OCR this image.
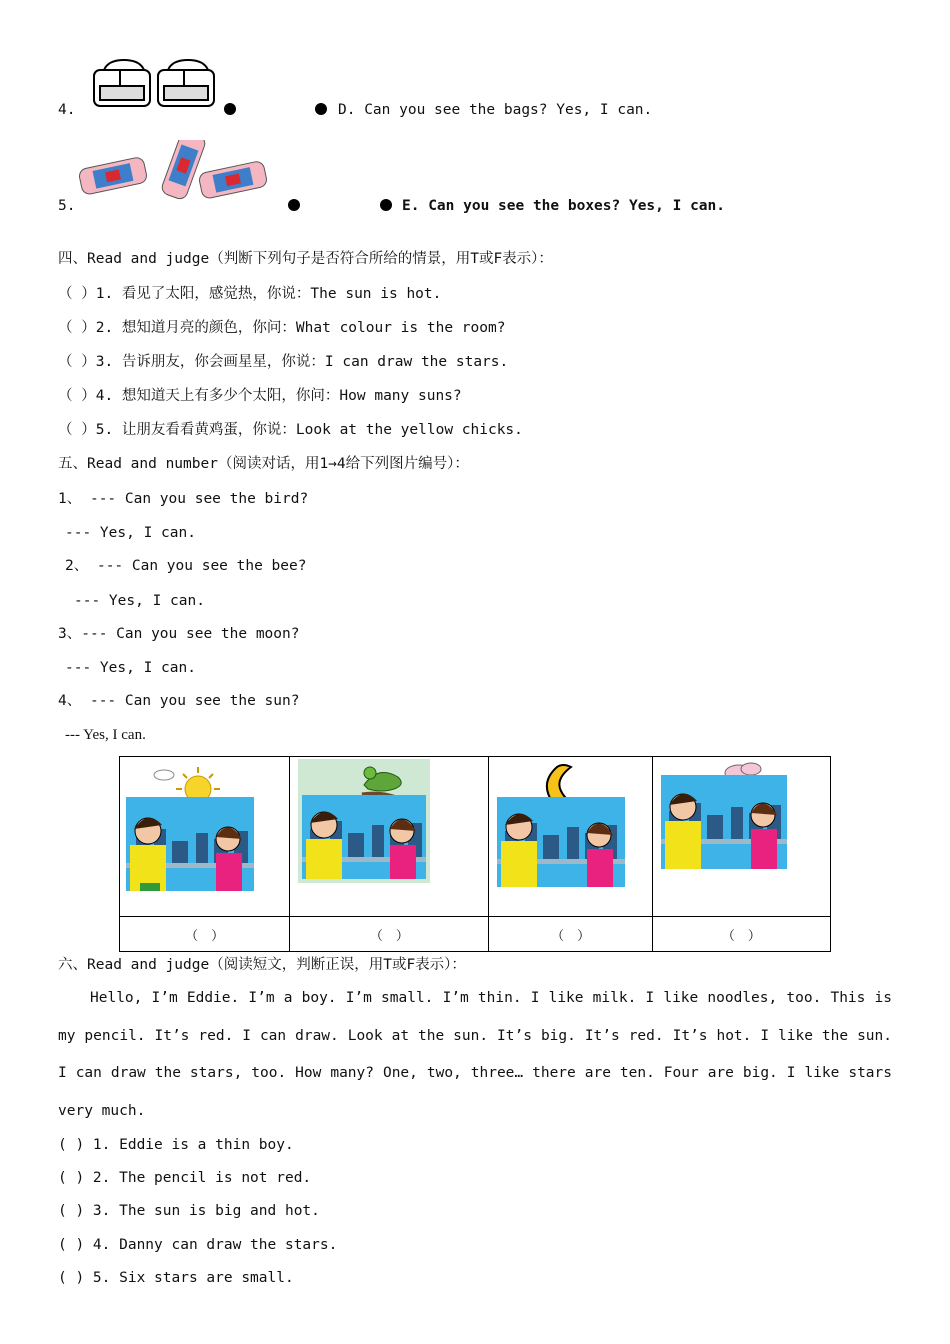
4.	D. Can you see the bags? Yes, I can.
5.	E. Can you see the boxes? Yes, I can.
四、Read and judge（判断下列句子是否符合所给的情景，用T或F表示）：
（ ）1. 看见了太阳，感觉热，你说：The sun is hot.
（ ）2. 想知道月亮的颜色，你问：What colour is the room?
（ ）3. 告诉朋友，你会画星星，你说：I can draw the stars.
（ ）4. 想知道天上有多少个太阳，你问：How many suns?
（ ）5. 让朋友看看黄鸡蛋，你说：Look at the yellow chicks.
五、Read and number（阅读对话，用1→4给下列图片编号）：
1、 --- Can you see the bird?
--- Yes, I can.
2、 --- Can you see the bee?
--- Yes, I can.
3、--- Can you see the moon?
--- Yes, I can.
4、 --- Can you see the sun?
--- Yes, I can.

（　）	（　）	（　）	（　）
六、Read and judge（阅读短文，判断正误，用T或F表示）：
Hello, I’m Eddie. I’m a boy. I’m small. I’m thin. I like milk. I like noodles, too. This is my pencil. It’s red. I can draw. Look at the sun. It’s big. It’s red. It’s hot. I like the sun. I can draw the stars, too. How many? One, two, three… there are ten. Four are big. I like stars very much.
( ) 1. Eddie is a thin boy.
( ) 2. The pencil is not red.
( ) 3. The sun is big and hot.
( ) 4. Danny can draw the stars.
( ) 5. Six stars are small.
